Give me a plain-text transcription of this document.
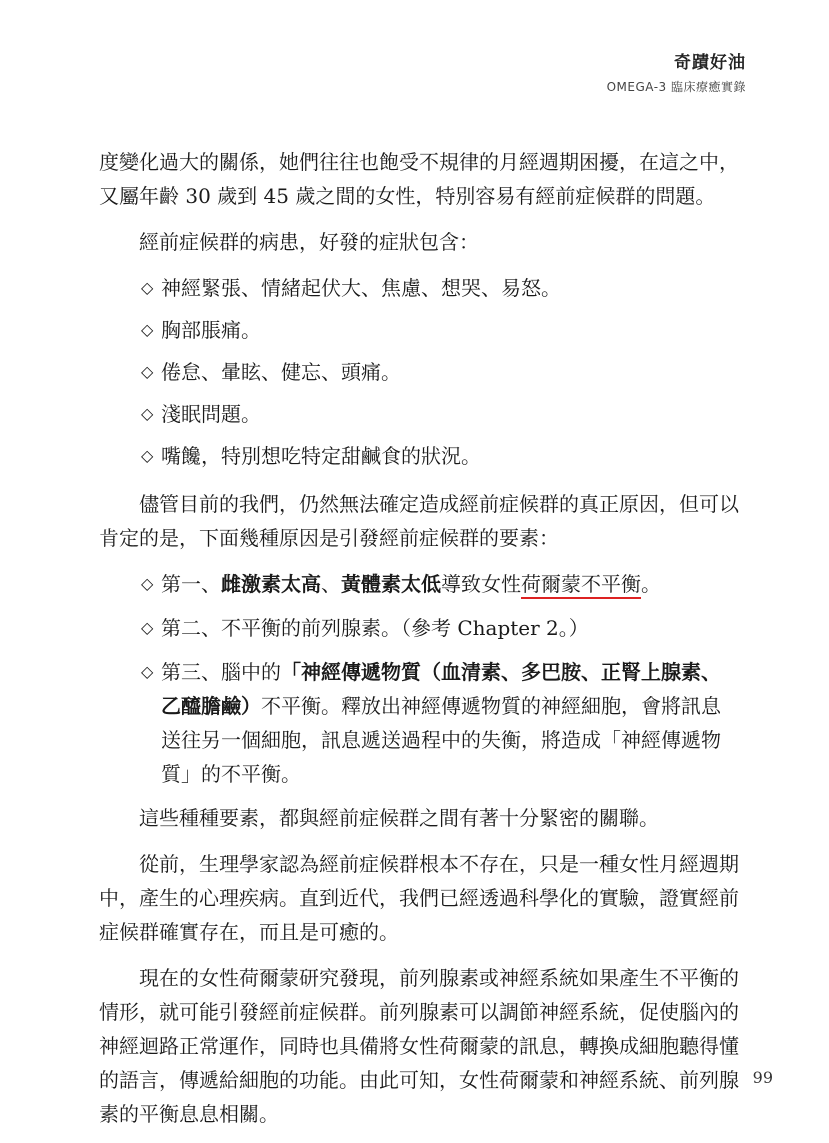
奇蹟好油
OMEGA-3 臨床療癒實錄

度變化過大的關係，她們往往也飽受不規律的月經週期困擾，在這之中，又屬年齡 30 歲到 45 歲之間的女性，特別容易有經前症候群的問題。

經前症候群的病患，好發的症狀包含：

◇ 神經緊張、情緒起伏大、焦慮、想哭、易怒。

◇ 胸部脹痛。

◇ 倦怠、暈眩、健忘、頭痛。

◇ 淺眠問題。

◇ 嘴饞，特別想吃特定甜鹹食的狀況。

儘管目前的我們，仍然無法確定造成經前症候群的真正原因，但可以肯定的是，下面幾種原因是引發經前症候群的要素：

◇ 第一、雌激素太高、黃體素太低導致女性荷爾蒙不平衡。

◇ 第二、不平衡的前列腺素。（參考 Chapter 2。）

◇ 第三、腦中的「神經傳遞物質（血清素、多巴胺、正腎上腺素、乙醯膽鹼）不平衡。釋放出神經傳遞物質的神經細胞，會將訊息送往另一個細胞，訊息遞送過程中的失衡，將造成「神經傳遞物質」的不平衡。

這些種種要素，都與經前症候群之間有著十分緊密的關聯。

從前，生理學家認為經前症候群根本不存在，只是一種女性月經週期中，產生的心理疾病。直到近代，我們已經透過科學化的實驗，證實經前症候群確實存在，而且是可癒的。

現在的女性荷爾蒙研究發現，前列腺素或神經系統如果產生不平衡的情形，就可能引發經前症候群。前列腺素可以調節神經系統，促使腦內的神經迴路正常運作，同時也具備將女性荷爾蒙的訊息，轉換成細胞聽得懂的語言，傳遞給細胞的功能。由此可知，女性荷爾蒙和神經系統、前列腺素的平衡息息相關。

99
